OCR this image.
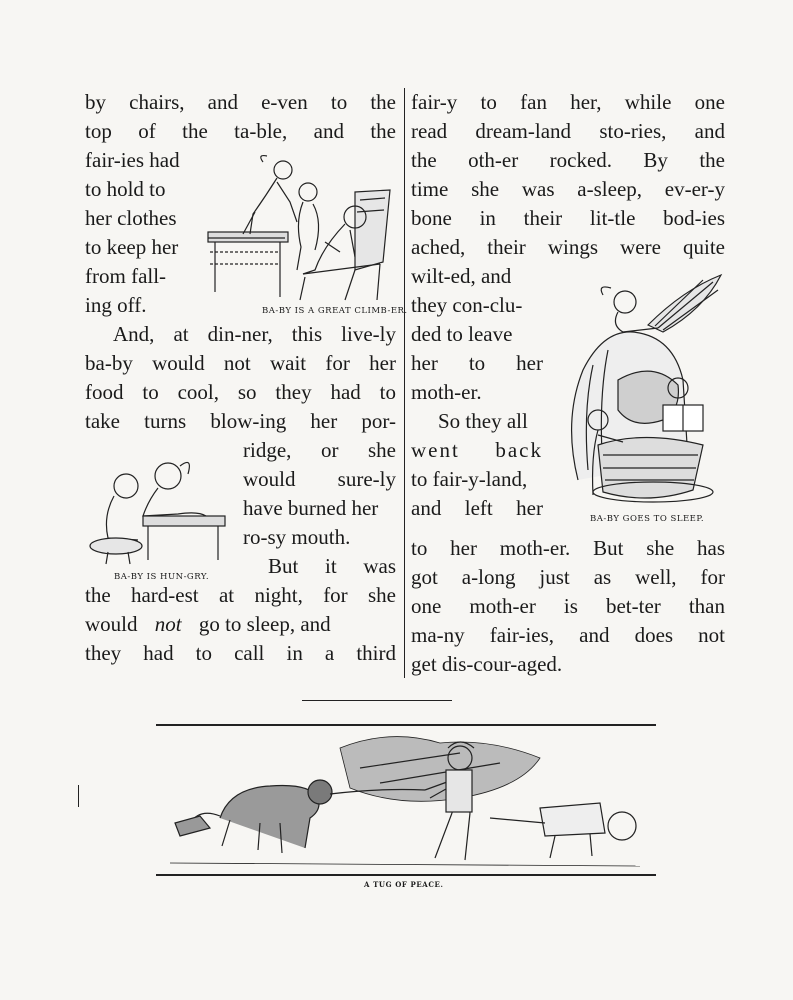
by chairs, and e-ven to the
top of the ta-ble, and the
fair-ies had
to hold to
her clothes
to keep her
from fall-
ing off.
And, at din-ner, this live-ly
ba-by would not wait for her
food to cool, so they had to
take turns blow-ing her por-
ridge, or she
would sure-ly
have burned her
ro-sy mouth.
But it was
the hard-est at night, for she
would not go to sleep, and
they had to call in a third
fair-y to fan her, while one
read dream-land sto-ries, and
the oth-er rocked. By the
time she was a-sleep, ev-er-y
bone in their lit-tle bod-ies
ached, their wings were quite
wilt-ed, and
they con-clu-
ded to leave
her to her
moth-er.
So they all
went back
to fair-y-land,
and left her
to her moth-er. But she has
got a-long just as well, for
one moth-er is bet-ter than
ma-ny fair-ies, and does not
get dis-cour-aged.
BA-BY IS A GREAT CLIMB-ER.
BA-BY IS HUN-GRY.
BA-BY GOES TO SLEEP.
A TUG OF PEACE.
